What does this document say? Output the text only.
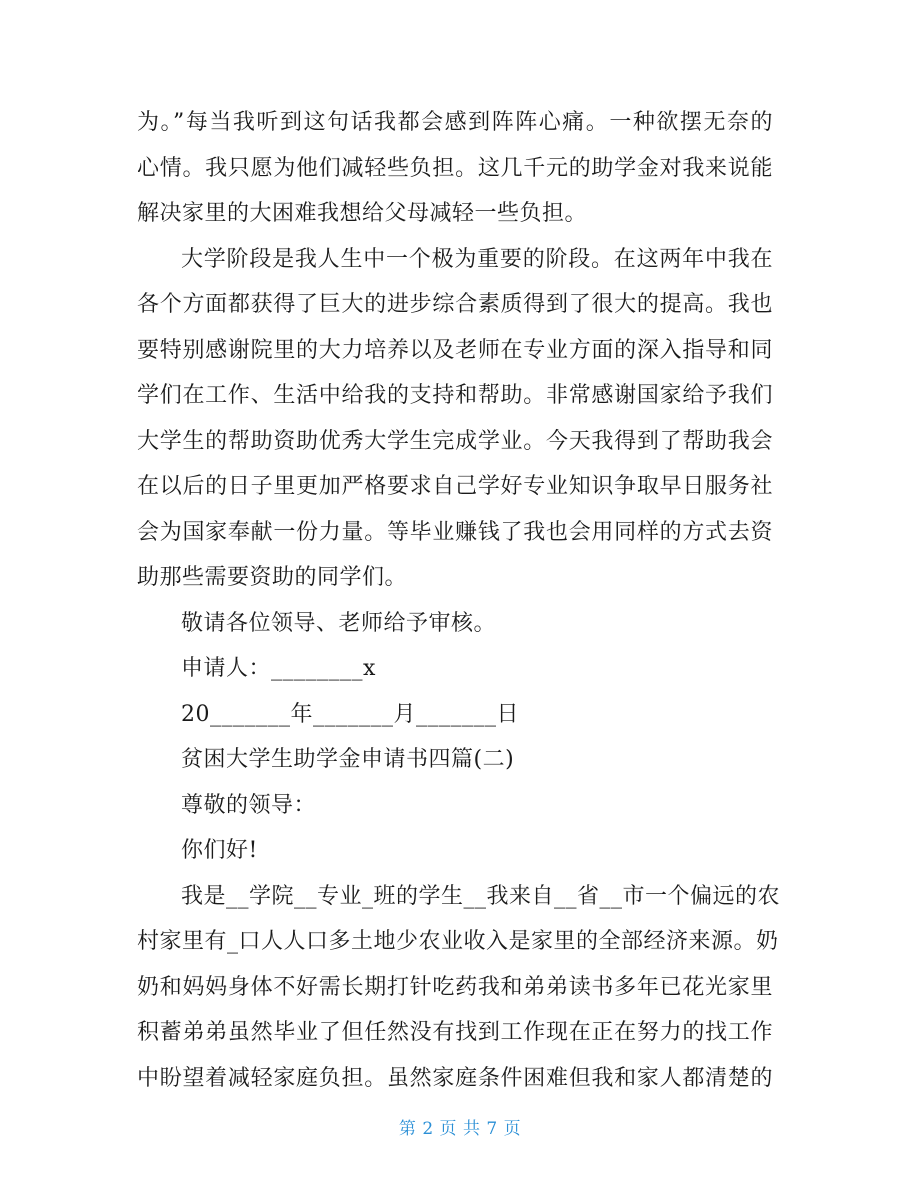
为。”每当我听到这句话我都会感到阵阵心痛。一种欲摆无奈的
心情。我只愿为他们减轻些负担。这几千元的助学金对我来说能
解决家里的大困难我想给父母减轻一些负担。
大学阶段是我人生中一个极为重要的阶段。在这两年中我在
各个方面都获得了巨大的进步综合素质得到了很大的提高。我也
要特别感谢院里的大力培养以及老师在专业方面的深入指导和同
学们在工作、生活中给我的支持和帮助。非常感谢国家给予我们
大学生的帮助资助优秀大学生完成学业。今天我得到了帮助我会
在以后的日子里更加严格要求自己学好专业知识争取早日服务社
会为国家奉献一份力量。等毕业赚钱了我也会用同样的方式去资
助那些需要资助的同学们。
敬请各位领导、老师给予审核。
申请人：________x
20_______年_______月_______日
贫困大学生助学金申请书四篇(二)
尊敬的领导：
你们好!
我是__学院__专业_班的学生__我来自__省__市一个偏远的农
村家里有_口人人口多土地少农业收入是家里的全部经济来源。奶
奶和妈妈身体不好需长期打针吃药我和弟弟读书多年已花光家里
积蓄弟弟虽然毕业了但任然没有找到工作现在正在努力的找工作
中盼望着减轻家庭负担。虽然家庭条件困难但我和家人都清楚的
第 2 页 共 7 页
